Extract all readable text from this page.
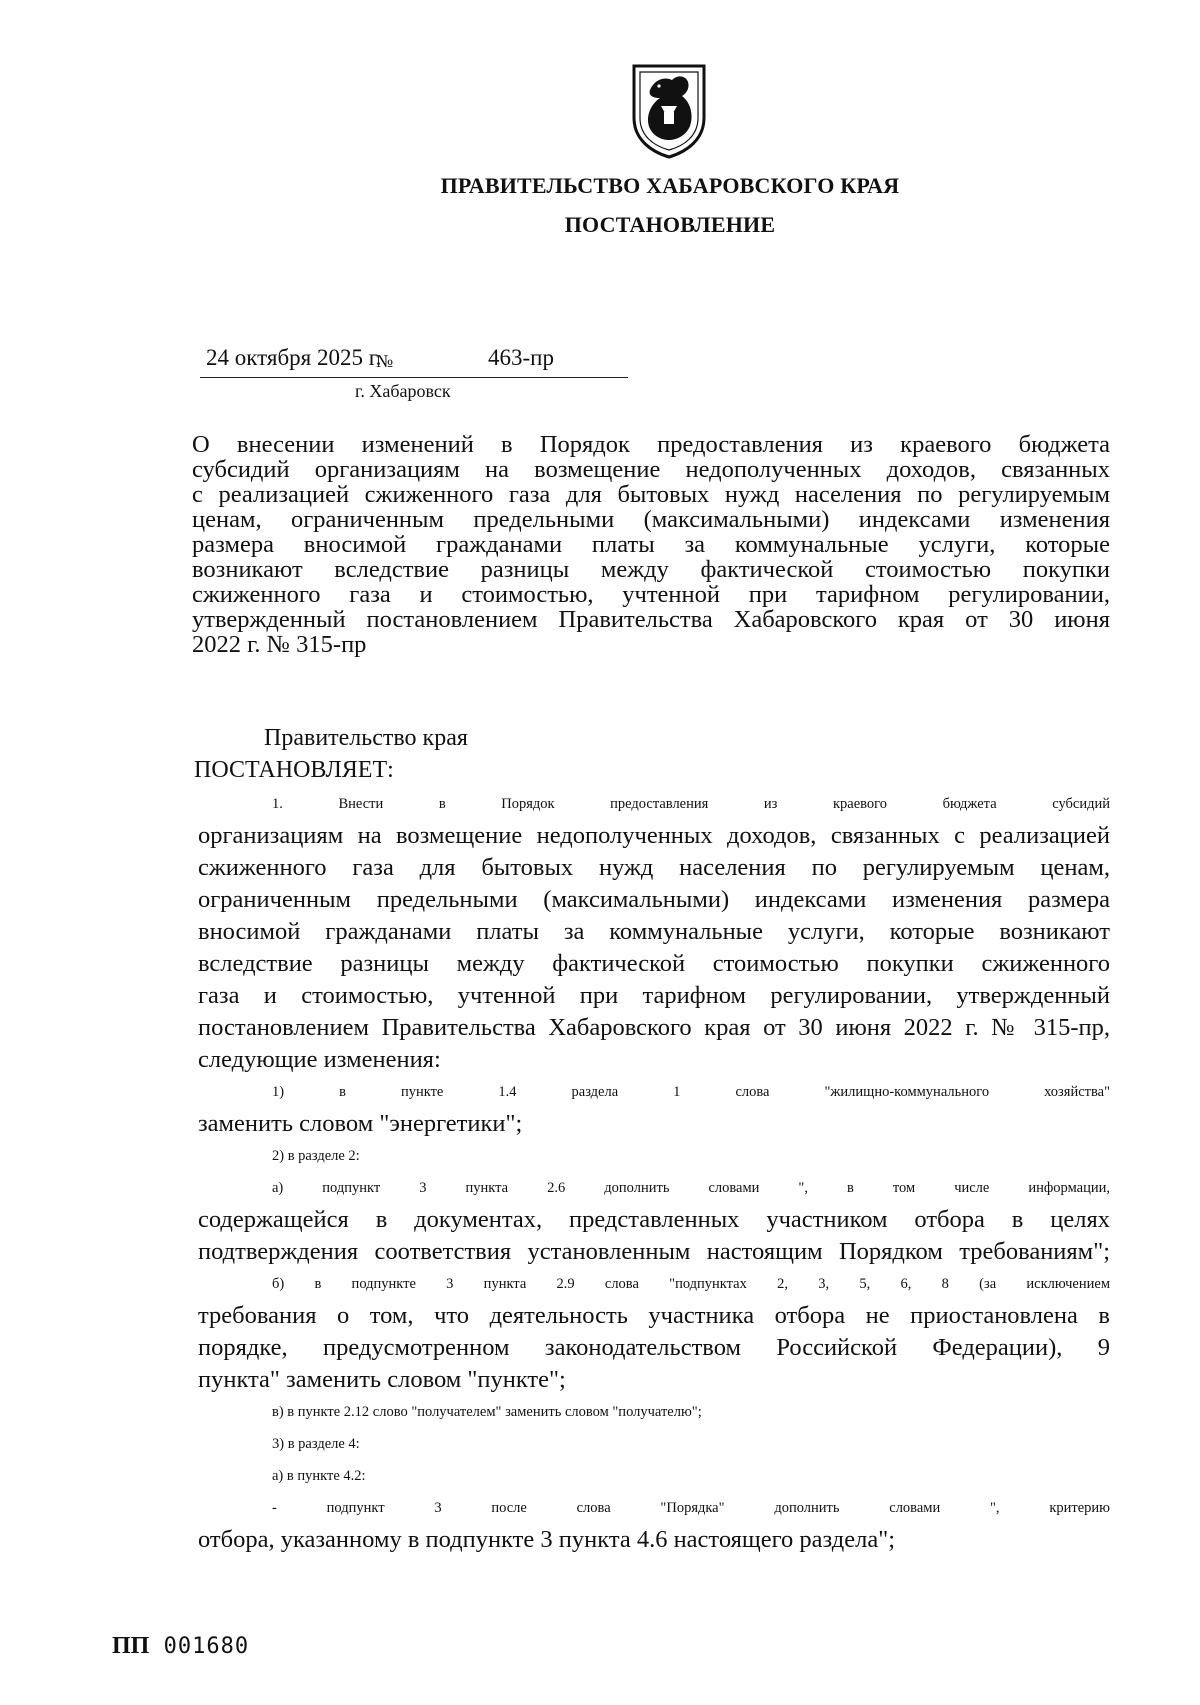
ПРАВИТЕЛЬСТВО ХАБАРОВСКОГО КРАЯ
ПОСТАНОВЛЕНИЕ
24 октября 2025 г.
№	463-пр
г. Хабаровск
О внесении изменений в Порядок предоставления из краевого бюджета
субсидий организациям на возмещение недополученных доходов, связанных
с реализацией сжиженного газа для бытовых нужд населения по регулируемым
ценам, ограниченным предельными (максимальными) индексами изменения
размера вносимой гражданами платы за коммунальные услуги, которые
возникают вследствие разницы между фактической стоимостью покупки
сжиженного газа и стоимостью, учтенной при тарифном регулировании,
утвержденный постановлением Правительства Хабаровского края от 30 июня
2022 г. № 315-пр
Правительство края
ПОСТАНОВЛЯЕТ:
1. Внести в Порядок предоставления из краевого бюджета субсидий
организациям на возмещение недополученных доходов, связанных с реализацией
сжиженного газа для бытовых нужд населения по регулируемым ценам,
ограниченным предельными (максимальными) индексами изменения размера
вносимой гражданами платы за коммунальные услуги, которые возникают
вследствие разницы между фактической стоимостью покупки сжиженного
газа и стоимостью, учтенной при тарифном регулировании, утвержденный
постановлением Правительства Хабаровского края от 30 июня 2022 г. № 315-пр,
следующие изменения:
1) в пункте 1.4 раздела 1 слова "жилищно-коммунального хозяйства"
заменить словом "энергетики";
2) в разделе 2:
а) подпункт 3 пункта 2.6 дополнить словами ", в том числе информации,
содержащейся в документах, представленных участником отбора в целях
подтверждения соответствия установленным настоящим Порядком требованиям";
б) в подпункте 3 пункта 2.9 слова "подпунктах 2, 3, 5, 6, 8 (за исключением
требования о том, что деятельность участника отбора не приостановлена в
порядке, предусмотренном законодательством Российской Федерации), 9
пункта" заменить словом "пункте";
в) в пункте 2.12 слово "получателем" заменить словом "получателю";
3) в разделе 4:
а) в пункте 4.2:
- подпункт 3 после слова "Порядка" дополнить словами ", критерию
отбора, указанному в подпункте 3 пункта 4.6 настоящего раздела";
ПП 001680
